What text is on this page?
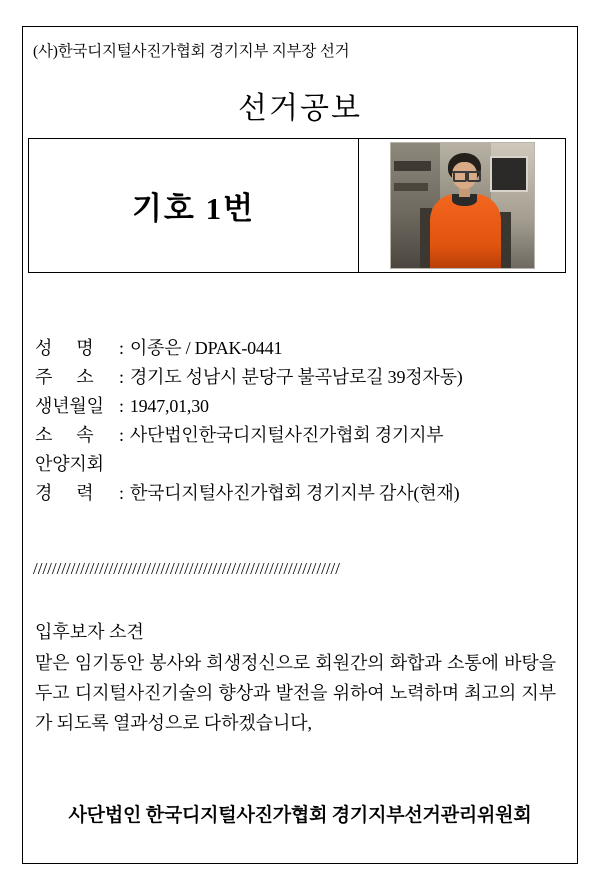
(사)한국디지털사진가협회 경기지부 지부장 선거
선거공보
기호 1번
성 명 : 이종은 / DPAK-0441
주 소 : 경기도 성남시 분당구 불곡남로길 39정자동)
생년월일 : 1947,01,30
소 속 : 사단법인한국디지털사진가협회 경기지부
안양지회
경 력 : 한국디지털사진가협회 경기지부 감사(현재)
/////////////////////////////////////////////////////////////////
입후보자 소견
맡은 임기동안 봉사와 희생정신으로 회원간의 화합과 소통에 바탕을 두고 디지털사진기술의 향상과 발전을 위하여 노력하며 최고의 지부가 되도록 열과성으로 다하겠습니다,
사단법인 한국디지털사진가협회 경기지부선거관리위원회
